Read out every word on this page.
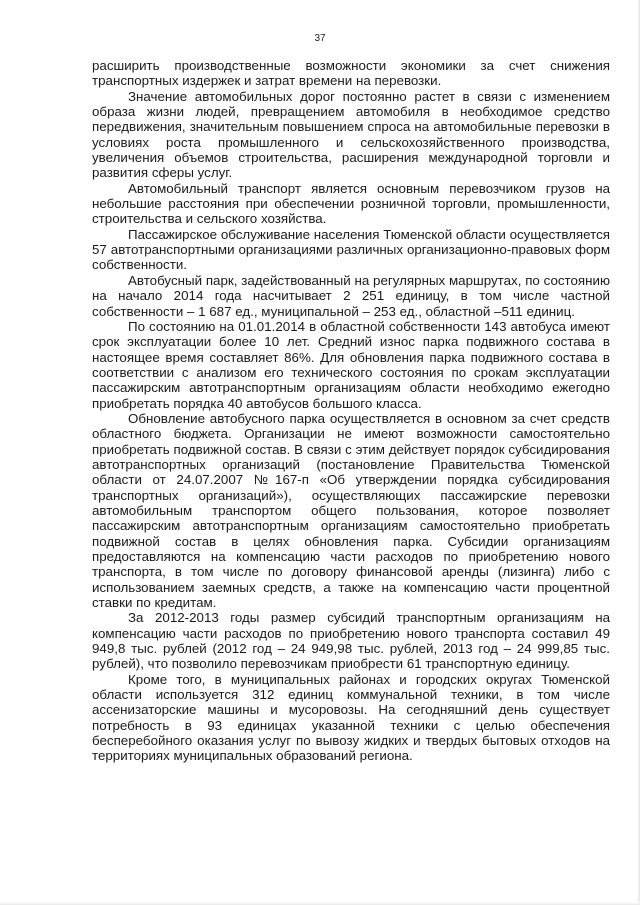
37

расширить производственные возможности экономики за счет снижения транспортных издержек и затрат времени на перевозки.

Значение автомобильных дорог постоянно растет в связи с изменением образа жизни людей, превращением автомобиля в необходимое средство передвижения, значительным повышением спроса на автомобильные перевозки в условиях роста промышленного и сельскохозяйственного производства, увеличения объемов строительства, расширения международной торговли и развития сферы услуг.

Автомобильный транспорт является основным перевозчиком грузов на небольшие расстояния при обеспечении розничной торговли, промышленности, строительства и сельского хозяйства.

Пассажирское обслуживание населения Тюменской области осуществляется 57 автотранспортными организациями различных организационно-правовых форм собственности.

Автобусный парк, задействованный на регулярных маршрутах, по состоянию на начало 2014 года насчитывает 2 251 единицу, в том числе частной собственности – 1 687 ед., муниципальной – 253 ед., областной –511 единиц.

По состоянию на 01.01.2014 в областной собственности 143 автобуса имеют срок эксплуатации более 10 лет. Средний износ парка подвижного состава в настоящее время составляет 86%. Для обновления парка подвижного состава в соответствии с анализом его технического состояния по срокам эксплуатации пассажирским автотранспортным организациям области необходимо ежегодно приобретать порядка 40 автобусов большого класса.

Обновление автобусного парка осуществляется в основном за счет средств областного бюджета. Организации не имеют возможности самостоятельно приобретать подвижной состав. В связи с этим действует порядок субсидирования автотранспортных организаций (постановление Правительства Тюменской области от 24.07.2007 №167-п «Об утверждении порядка субсидирования транспортных организаций»), осуществляющих пассажирские перевозки автомобильным транспортом общего пользования, которое позволяет пассажирским автотранспортным организациям самостоятельно приобретать подвижной состав в целях обновления парка. Субсидии организациям предоставляются на компенсацию части расходов по приобретению нового транспорта, в том числе по договору финансовой аренды (лизинга) либо с использованием заемных средств, а также на компенсацию части процентной ставки по кредитам.

За 2012-2013 годы размер субсидий транспортным организациям на компенсацию части расходов по приобретению нового транспорта составил 49 949,8 тыс. рублей (2012 год – 24 949,98 тыс. рублей, 2013 год – 24 999,85 тыс. рублей), что позволило перевозчикам приобрести 61 транспортную единицу.

Кроме того, в муниципальных районах и городских округах Тюменской области используется 312 единиц коммунальной техники, в том числе ассенизаторские машины и мусоровозы. На сегодняшний день существует потребность в 93 единицах указанной техники с целью обеспечения бесперебойного оказания услуг по вывозу жидких и твердых бытовых отходов на территориях муниципальных образований региона.
